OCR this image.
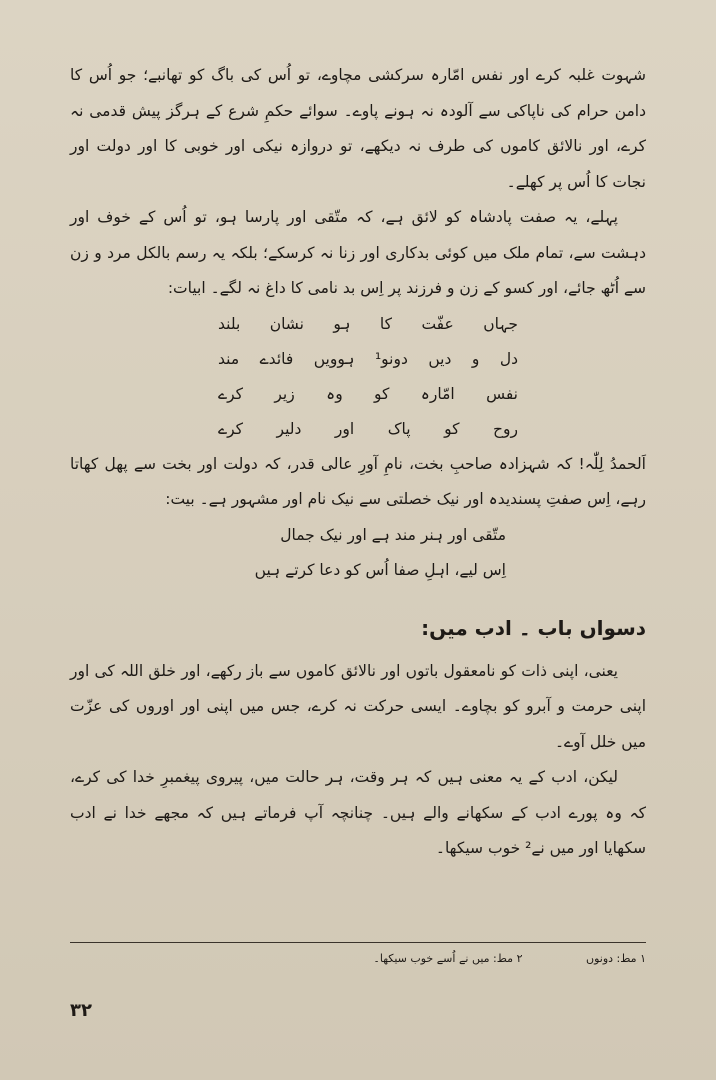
شہوت غلبہ کرے اور نفس امّارہ سرکشی مچاوے، تو اُس کی باگ کو تھانبے؛ جو اُس کا دامن حرام کی ناپاکی سے آلودہ نہ ہونے پاوے۔ سوائے حکمِ شرع کے ہرگز پیش قدمی نہ کرے، اور نالائق کاموں کی طرف نہ دیکھے، تو دروازہ نیکی اور خوبی کا اور دولت اور نجات کا اُس پر کھلے۔

پہلے، یہ صفت پادشاہ کو لائق ہے، کہ متّقی اور پارسا ہو، تو اُس کے خوف اور دہشت سے، تمام ملک میں کوئی بدکاری اور زنا نہ کرسکے؛ بلکہ یہ رسم بالکل مرد و زن سے اُٹھ جائے، اور کسو کے زن و فرزند پر اِس بد نامی کا داغ نہ لگے۔ ابیات:

جہاں عفّت کا ہو نشان بلند

دل و دیں دونو¹ ہوویں فائدے مند

نفس امّارہ کو وہ زیر کرے

روح کو پاک اور دلیر کرے

اَلحمدُ لِلّٰہ! کہ شہزادہ صاحبِ بخت، نامِ آورِ عالی قدر، کہ دولت اور بخت سے پھل کھاتا رہے، اِس صفتِ پسندیدہ اور نیک خصلتی سے نیک نام اور مشہور ہے۔ بیت:

متّقی اور ہنر مند ہے اور نیک جمال

اِس لیے، اہلِ صفا اُس کو دعا کرتے ہیں

دسواں باب ۔ ادب میں:

یعنی، اپنی ذات کو نامعقول باتوں اور نالائق کاموں سے باز رکھے، اور خلق اللہ کی اور اپنی حرمت و آبرو کو بچاوے۔ ایسی حرکت نہ کرے، جس میں اپنی اور اوروں کی عزّت میں خلل آوے۔

لیکن، ادب کے یہ معنی ہیں کہ ہر وقت، ہر حالت میں، پیروی پیغمبرِ خدا کی کرے، کہ وہ پورے ادب کے سکھانے والے ہیں۔ چنانچہ آپ فرماتے ہیں کہ مجھے خدا نے ادب سکھایا اور میں نے² خوب سیکھا۔

۱ مط: دونوں ۲ مط: میں نے اُسے خوب سیکھا۔
۳۲
